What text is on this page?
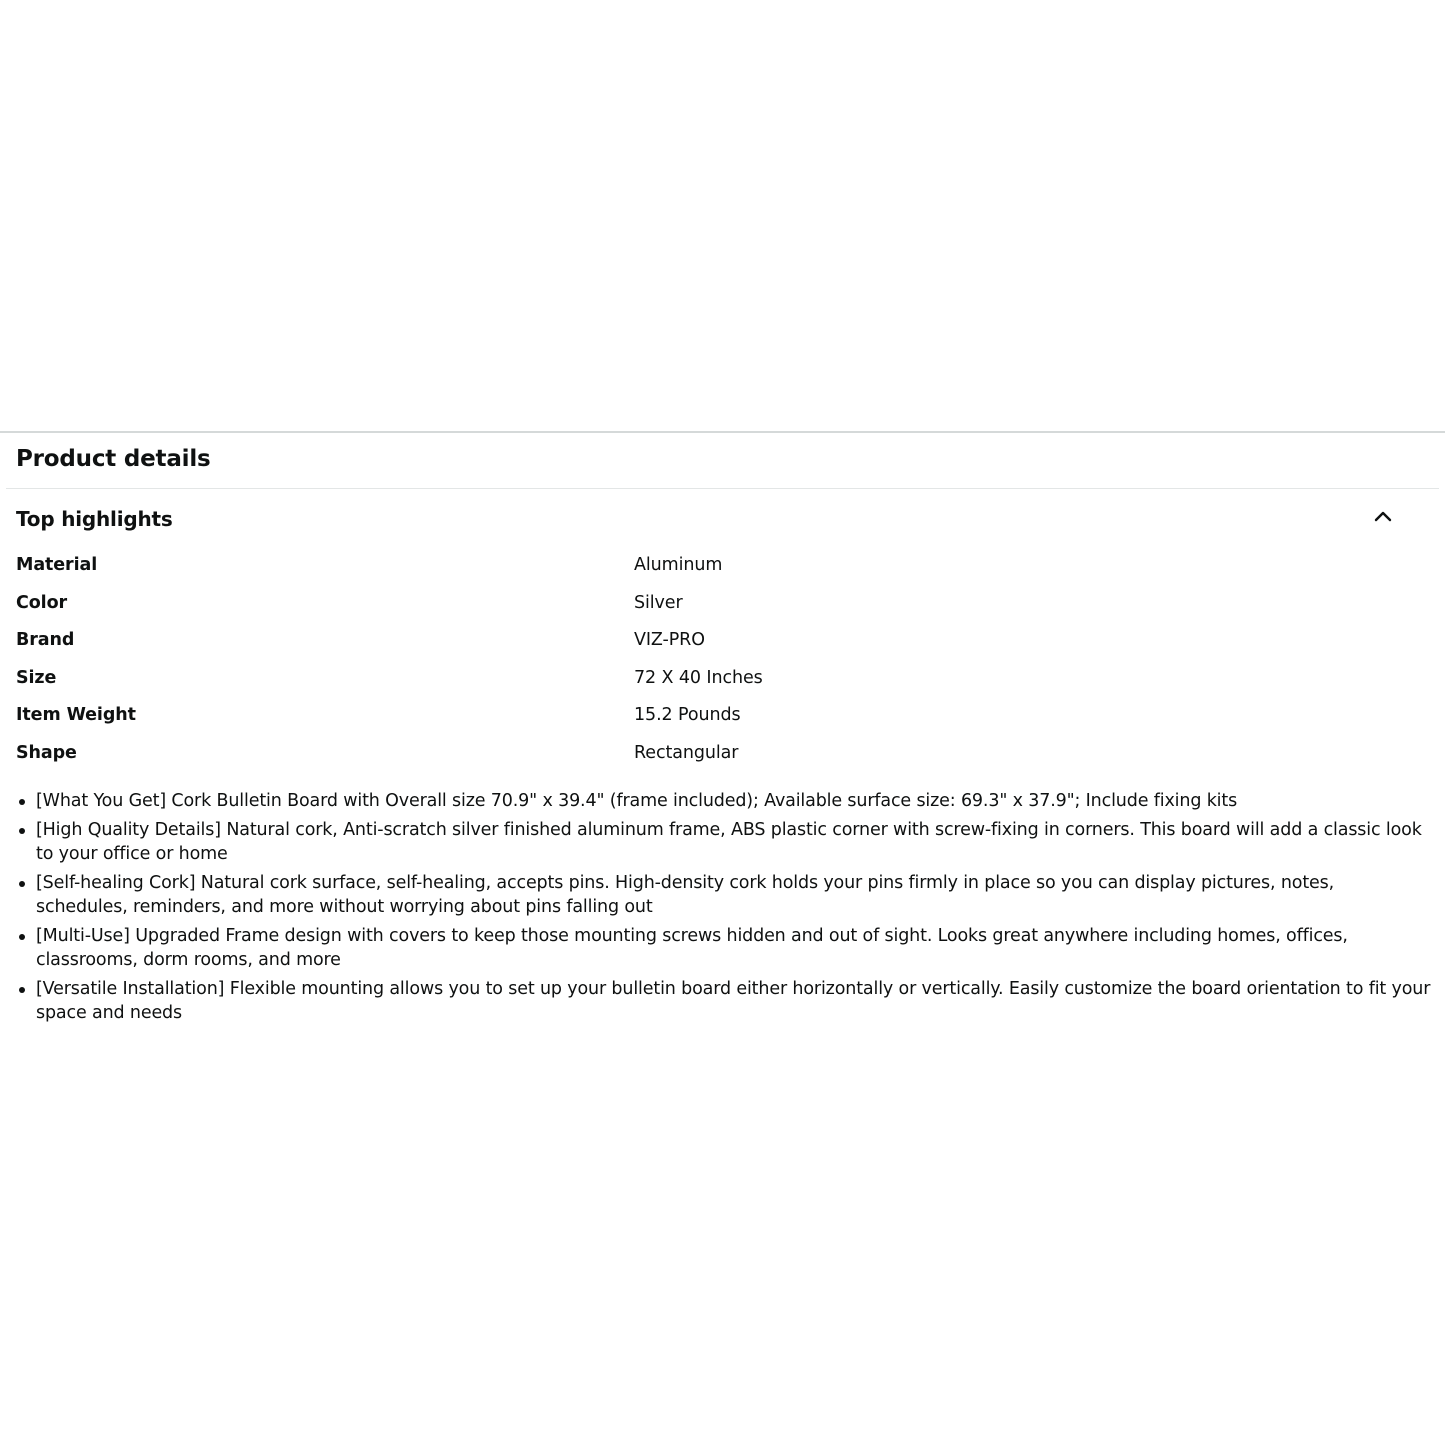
Product details
Top highlights
Material	Aluminum
Color	Silver
Brand	VIZ-PRO
Size	72 X 40 Inches
Item Weight	15.2 Pounds
Shape	Rectangular
[What You Get] Cork Bulletin Board with Overall size 70.9" x 39.4" (frame included); Available surface size: 69.3" x 37.9"; Include fixing kits
[High Quality Details] Natural cork, Anti-scratch silver finished aluminum frame, ABS plastic corner with screw-fixing in corners. This board will add a classic look to your office or home
[Self-healing Cork] Natural cork surface, self-healing, accepts pins. High-density cork holds your pins firmly in place so you can display pictures, notes, schedules, reminders, and more without worrying about pins falling out
[Multi-Use] Upgraded Frame design with covers to keep those mounting screws hidden and out of sight. Looks great anywhere including homes, offices, classrooms, dorm rooms, and more
[Versatile Installation] Flexible mounting allows you to set up your bulletin board either horizontally or vertically. Easily customize the board orientation to fit your space and needs
